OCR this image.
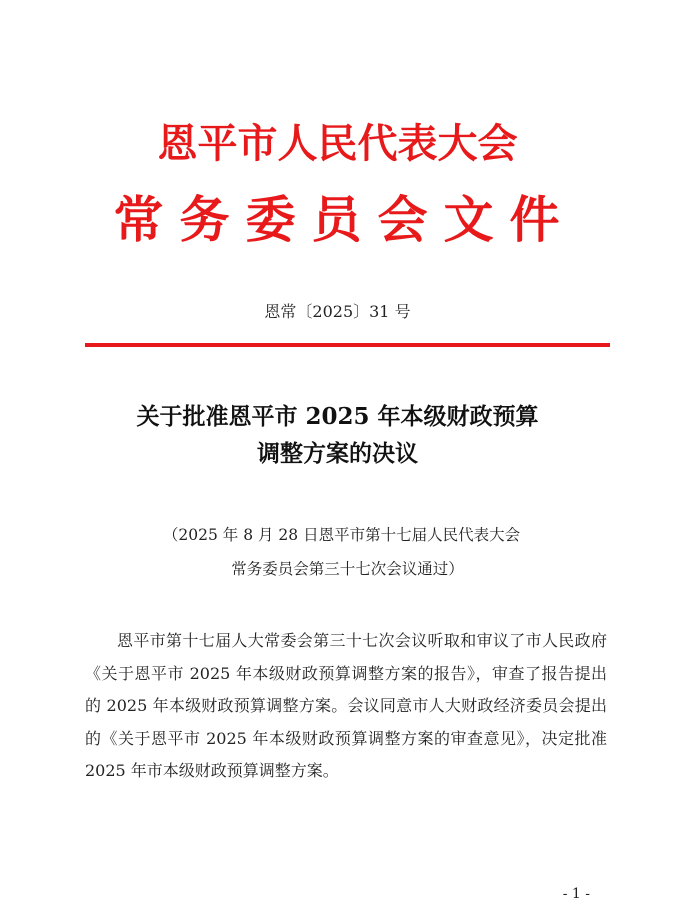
恩平市人民代表大会
常务委员会文件
恩常〔2025〕31 号
关于批准恩平市 2025 年本级财政预算
调整方案的决议
（2025 年 8 月 28 日恩平市第十七届人民代表大会
常务委员会第三十七次会议通过）
恩平市第十七届人大常委会第三十七次会议听取和审议了市人民政府《关于恩平市 2025 年本级财政预算调整方案的报告》，审查了报告提出的 2025 年本级财政预算调整方案。会议同意市人大财政经济委员会提出的《关于恩平市 2025 年本级财政预算调整方案的审查意见》，决定批准 2025 年市本级财政预算调整方案。
- 1 -
